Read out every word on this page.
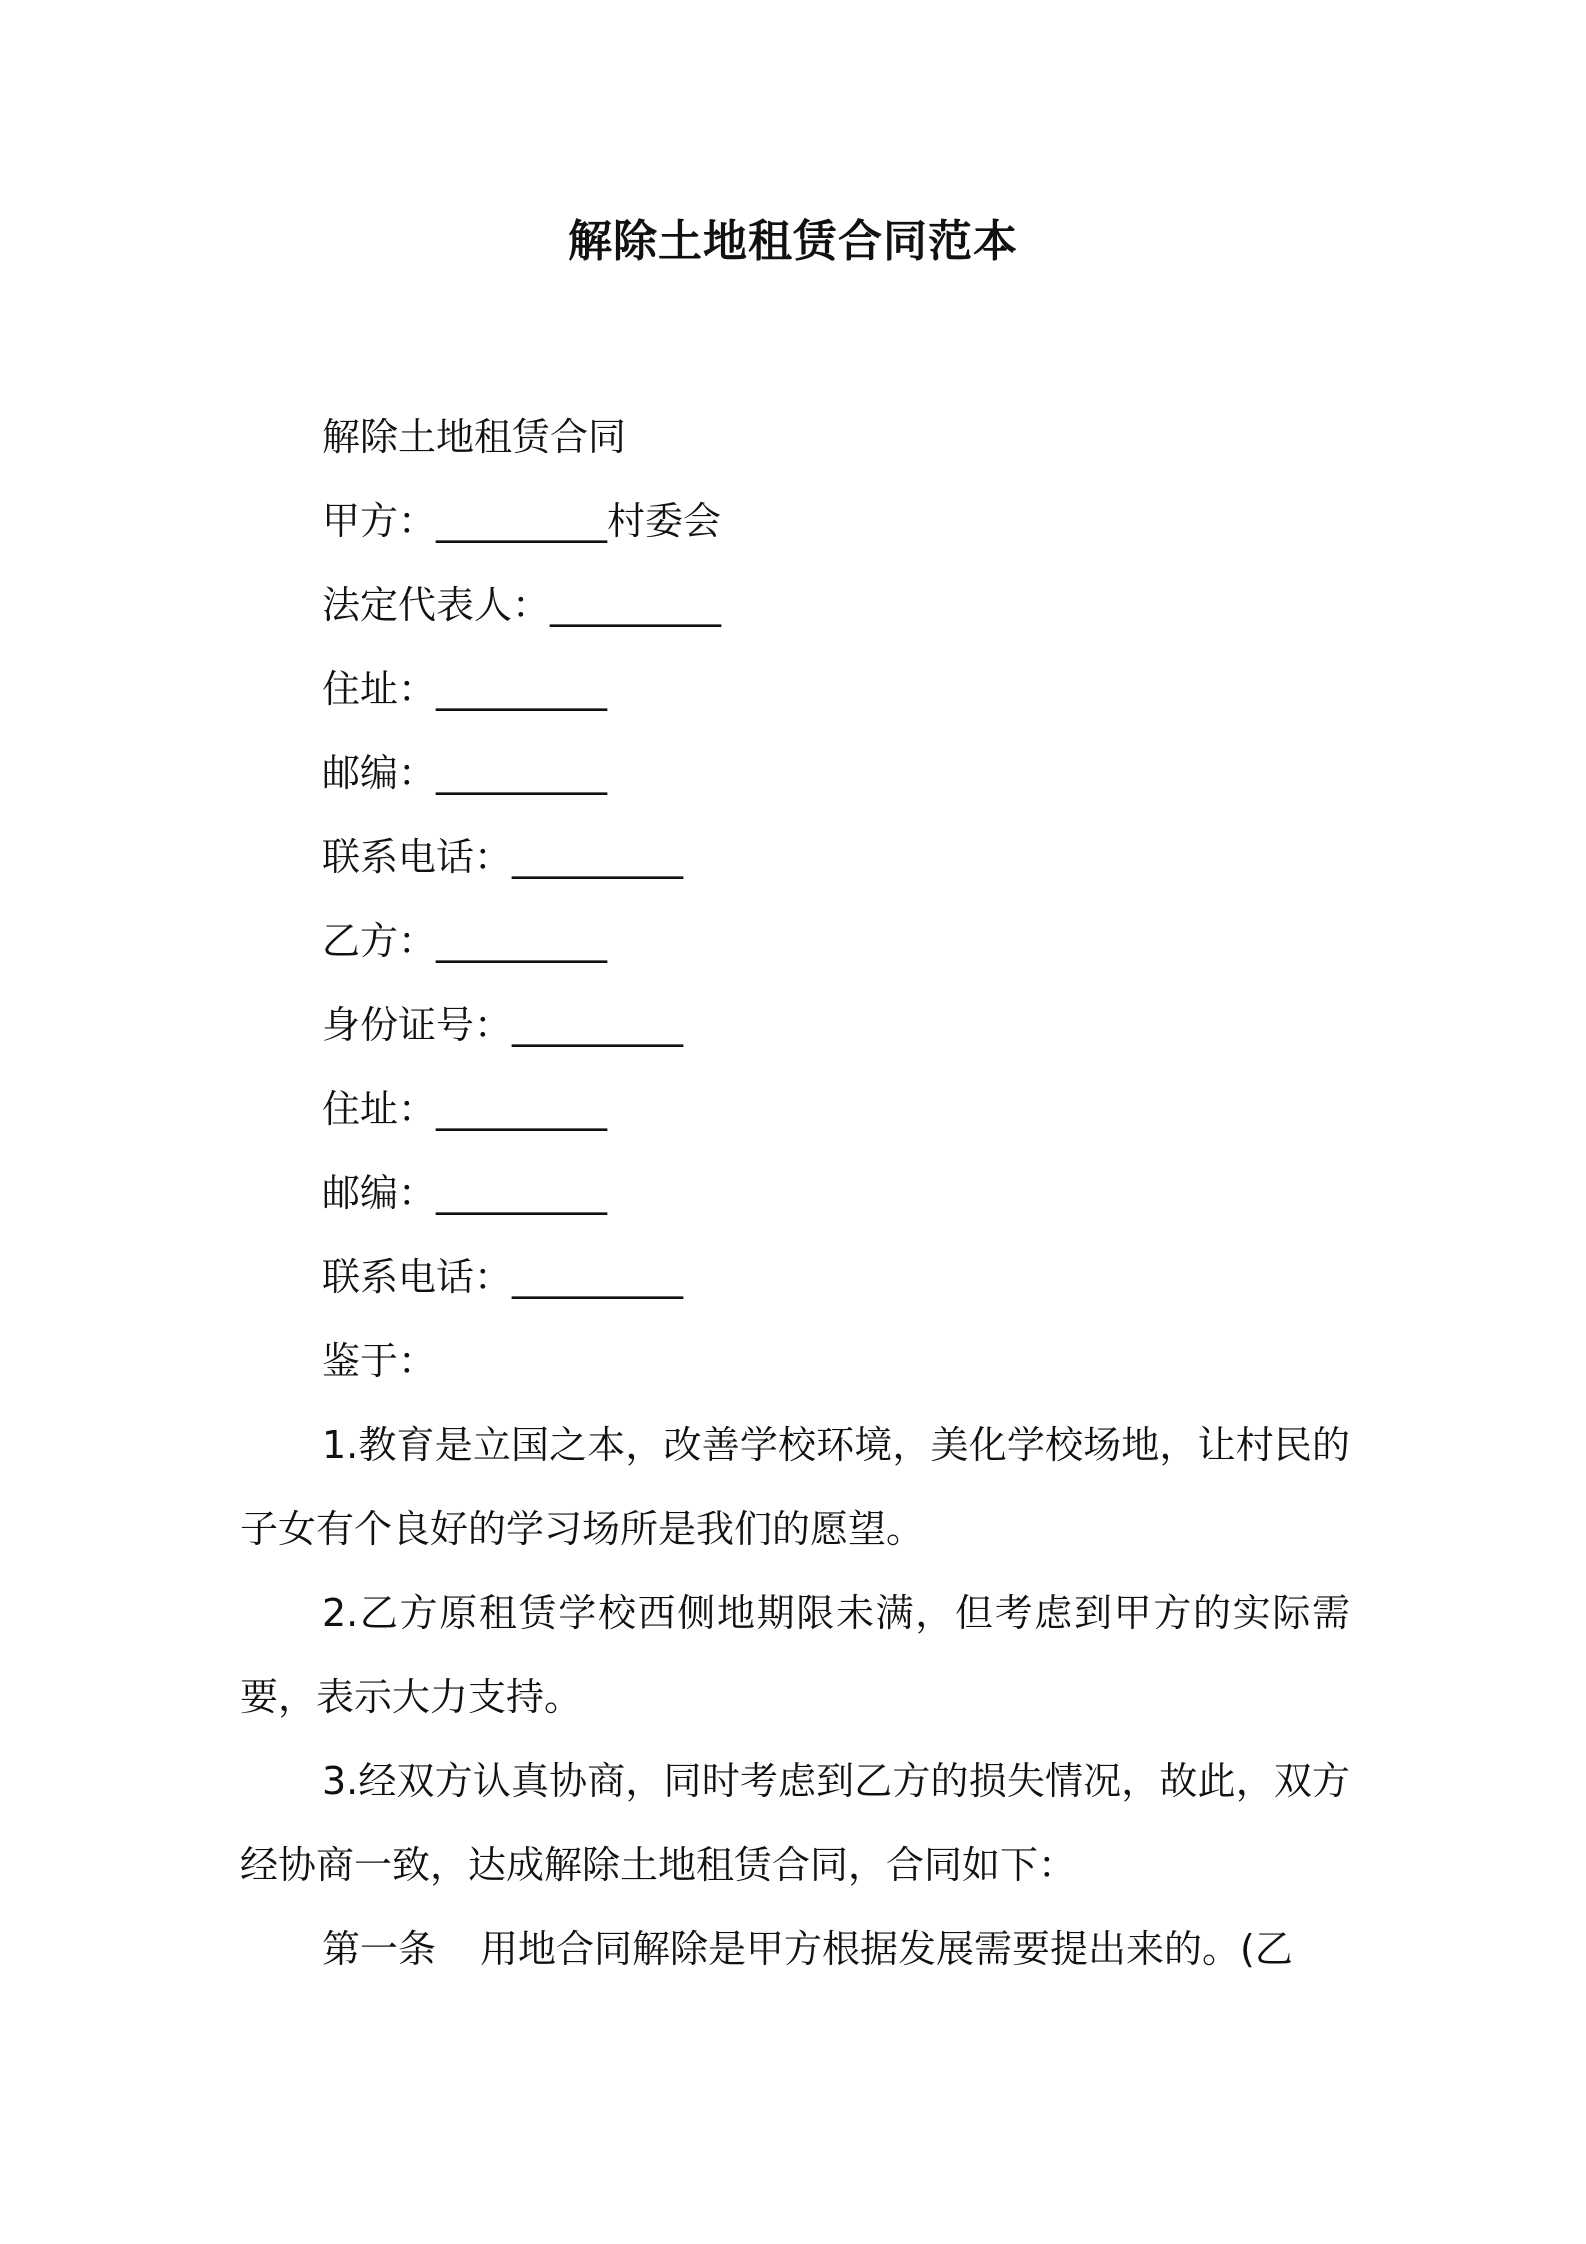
解除土地租赁合同范本
解除土地租赁合同
甲方：_________村委会
法定代表人：_________
住址：_________
邮编：_________
联系电话：_________
乙方：_________
身份证号：_________
住址：_________
邮编：_________
联系电话：_________
鉴于：
1.教育是立国之本，改善学校环境，美化学校场地，让村民的子女有个良好的学习场所是我们的愿望。
2.乙方原租赁学校西侧地期限未满，但考虑到甲方的实际需要，表示大力支持。
3.经双方认真协商，同时考虑到乙方的损失情况，故此，双方经协商一致，达成解除土地租赁合同，合同如下：
第一条 用地合同解除是甲方根据发展需要提出来的。(乙
